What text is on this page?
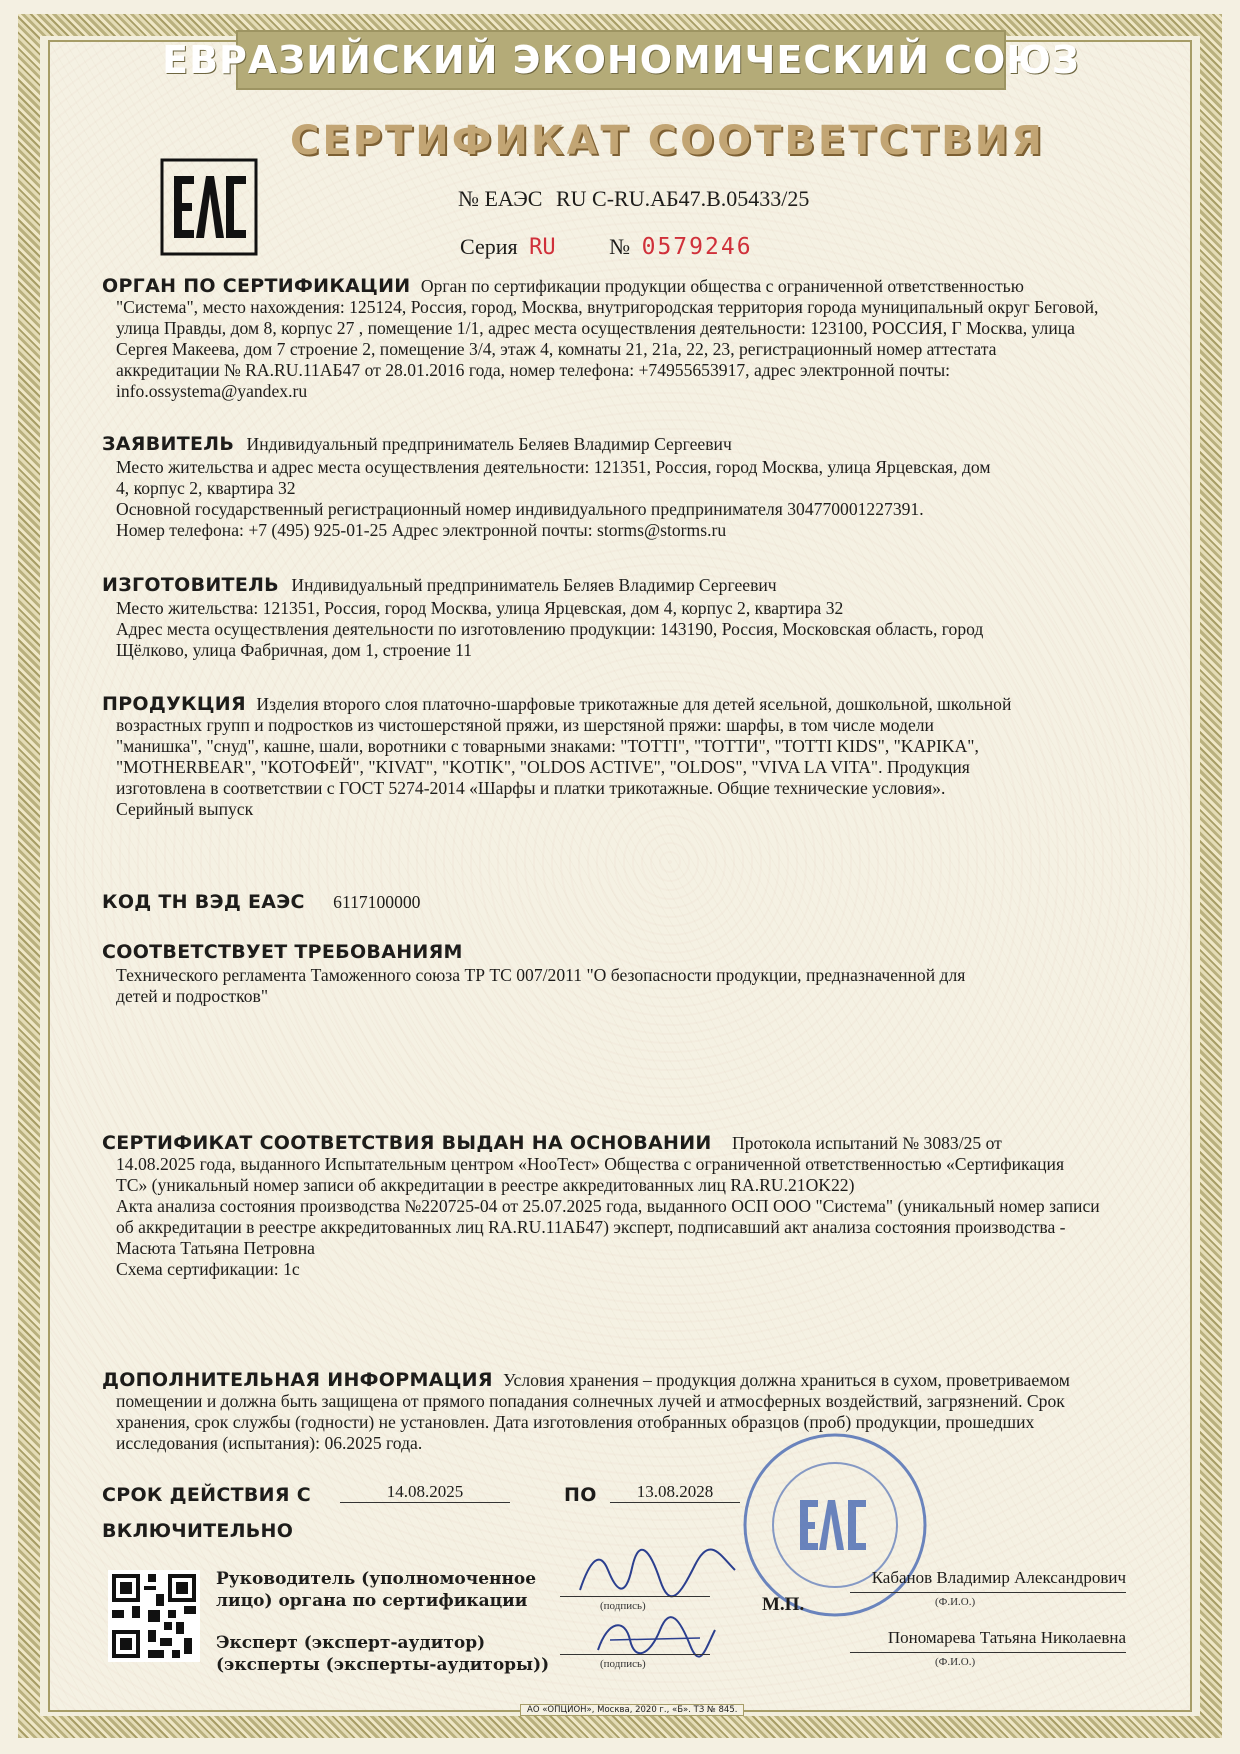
ЕВРАЗИЙСКИЙ ЭКОНОМИЧЕСКИЙ СОЮЗ
СЕРТИФИКАТ СООТВЕТСТВИЯ
№ ЕАЭС RU С-RU.АБ47.В.05433/25
Серия RU № 0579246
ОРГАН ПО СЕРТИФИКАЦИИ Орган по сертификации продукции общества с ограниченной ответственностью
"Система", место нахождения: 125124, Россия, город, Москва, внутригородская территория города муниципальный округ Беговой,
улица Правды, дом 8, корпус 27 , помещение 1/1, адрес места осуществления деятельности: 123100, РОССИЯ, Г Москва, улица
Сергея Макеева, дом 7 строение 2, помещение 3/4, этаж 4, комнаты 21, 21а, 22, 23, регистрационный номер аттестата
аккредитации № RA.RU.11АБ47 от 28.01.2016 года, номер телефона: +74955653917, адрес электронной почты:
info.ossystema@yandex.ru
ЗАЯВИТЕЛЬ Индивидуальный предприниматель Беляев Владимир Сергеевич
Место жительства и адрес места осуществления деятельности: 121351, Россия, город Москва, улица Ярцевская, дом
4, корпус 2, квартира 32
Основной государственный регистрационный номер индивидуального предпринимателя 304770001227391.
Номер телефона: +7 (495) 925-01-25 Адрес электронной почты: storms@storms.ru
ИЗГОТОВИТЕЛЬ Индивидуальный предприниматель Беляев Владимир Сергеевич
Место жительства: 121351, Россия, город Москва, улица Ярцевская, дом 4, корпус 2, квартира 32
Адрес места осуществления деятельности по изготовлению продукции: 143190, Россия, Московская область, город
Щёлково, улица Фабричная, дом 1, строение 11
ПРОДУКЦИЯ Изделия второго слоя платочно-шарфовые трикотажные для детей ясельной, дошкольной, школьной
возрастных групп и подростков из чистошерстяной пряжи, из шерстяной пряжи: шарфы, в том числе модели
"манишка", "снуд", кашне, шали, воротники с товарными знаками: "TOTTI", "ТОТТИ", "TOTTI KIDS", "KAPIKA",
"MOTHERBEAR", "КОТОФЕЙ", "KIVAT", "KOTIK", "OLDOS ACTIVE", "OLDOS", "VIVA LA VITA". Продукция
изготовлена в соответствии с ГОСТ 5274-2014 «Шарфы и платки трикотажные. Общие технические условия».
Серийный выпуск
КОД ТН ВЭД ЕАЭС 6117100000
СООТВЕТСТВУЕТ ТРЕБОВАНИЯМ
Технического регламента Таможенного союза ТР ТС 007/2011 "О безопасности продукции, предназначенной для
детей и подростков"
СЕРТИФИКАТ СООТВЕТСТВИЯ ВЫДАН НА ОСНОВАНИИ Протокола испытаний № 3083/25 от
14.08.2025 года, выданного Испытательным центром «НооТест» Общества с ограниченной ответственностью «Сертификация
ТС» (уникальный номер записи об аккредитации в реестре аккредитованных лиц RA.RU.21OK22)
Акта анализа состояния производства №220725-04 от 25.07.2025 года, выданного ОСП ООО "Система" (уникальный номер записи
об аккредитации в реестре аккредитованных лиц RA.RU.11АБ47) эксперт, подписавший акт анализа состояния производства -
Масюта Татьяна Петровна
Схема сертификации: 1с
ДОПОЛНИТЕЛЬНАЯ ИНФОРМАЦИЯ Условия хранения – продукция должна храниться в сухом, проветриваемом
помещении и должна быть защищена от прямого попадания солнечных лучей и атмосферных воздействий, загрязнений. Срок
хранения, срок службы (годности) не установлен. Дата изготовления отобранных образцов (проб) продукции, прошедших
исследования (испытания): 06.2025 года.
СРОК ДЕЙСТВИЯ С	14.08.2025	ПО	13.08.2028
ВКЛЮЧИТЕЛЬНО
Руководитель (уполномоченное
лицо) органа по сертификации	(подпись)	М.П.
Кабанов Владимир Александрович
(Ф.И.О.)
Эксперт (эксперт-аудитор)
(эксперты (эксперты-аудиторы))	(подпись)
Пономарева Татьяна Николаевна
(Ф.И.О.)
АО «ОПЦИОН», Москва, 2020 г., «Б». ТЗ № 845.
